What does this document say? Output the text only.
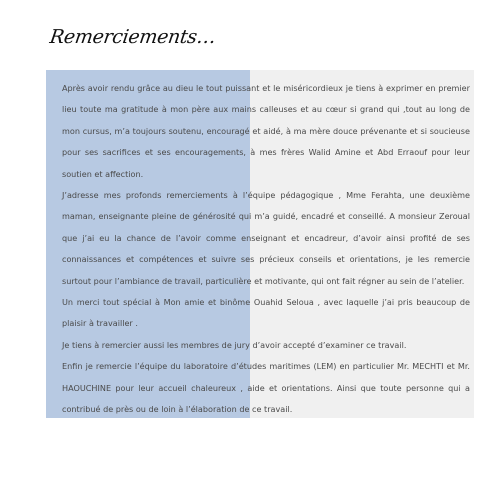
Remerciements…

Après avoir rendu grâce au dieu le tout puissant et le miséricordieux je tiens à exprimer en premier lieu toute ma gratitude à mon père aux mains calleuses et au cœur si grand qui ,tout au long de mon cursus, m’a toujours soutenu, encouragé et aidé, à ma mère douce prévenante et si soucieuse pour ses sacrifices et ses encouragements, à mes frères Walid Amine et Abd Erraouf pour leur soutien et affection.

J’adresse mes profonds remerciements à l’équipe pédagogique , Mme Ferahta, une deuxième maman, enseignante pleine de générosité qui m’a guidé, encadré et conseillé. A monsieur Zeroual que j’ai eu la chance de l’avoir comme enseignant et encadreur, d’avoir ainsi profité de ses connaissances et compétences et suivre ses précieux conseils et orientations, je les remercie surtout pour l’ambiance de travail, particulière et motivante, qui ont fait régner au sein de l’atelier.

Un merci tout spécial à Mon amie et binôme Ouahid Seloua , avec laquelle j’ai pris beaucoup de plaisir à travailler .

Je tiens à remercier aussi les membres de jury d’avoir accepté d’examiner ce travail.

Enfin je remercie l’équipe du laboratoire d’études maritimes (LEM) en particulier Mr. MECHTI et Mr. HAOUCHINE pour leur accueil chaleureux , aide et orientations. Ainsi que toute personne qui a contribué de près ou de loin à l’élaboration de ce travail.
